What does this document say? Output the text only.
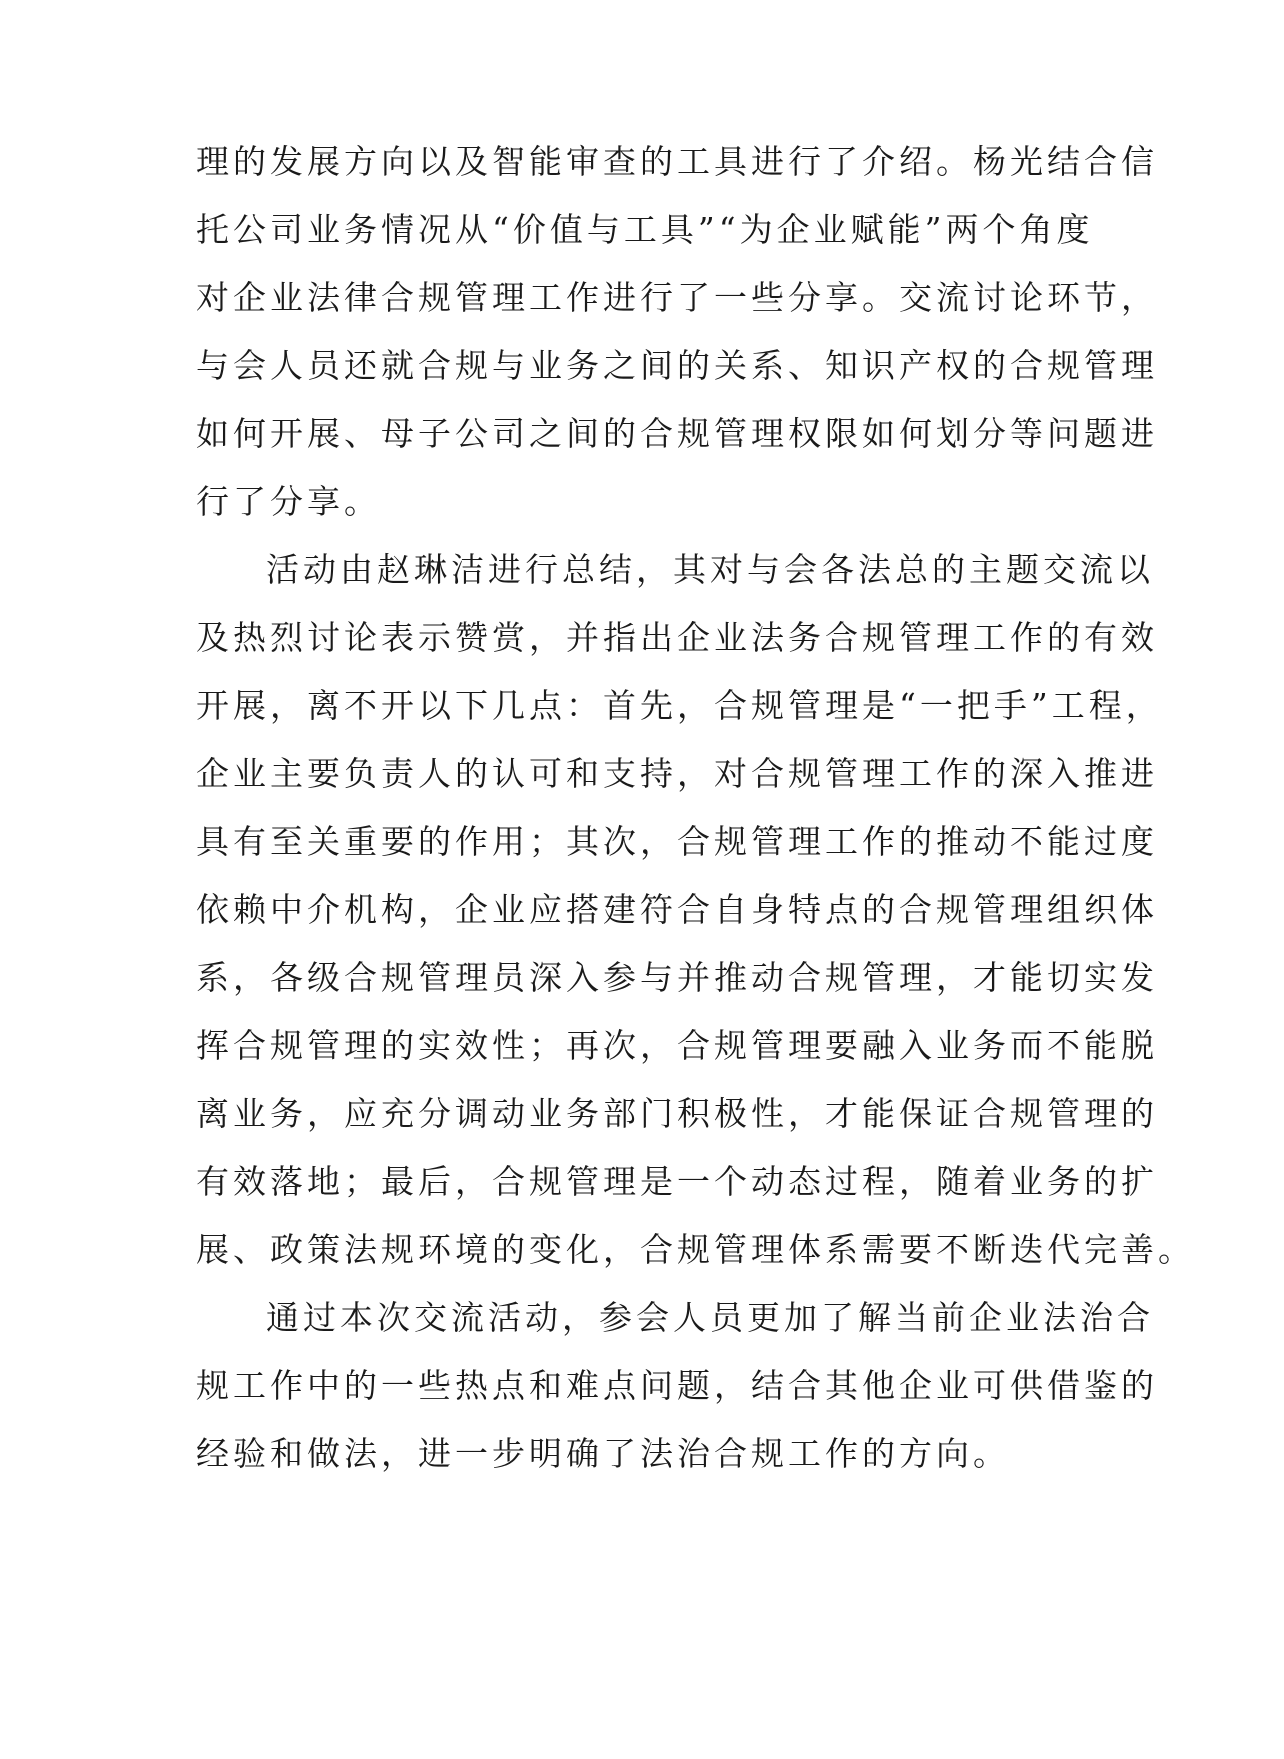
理的发展方向以及智能审查的工具进行了介绍。杨光结合信
托公司业务情况从“价值与工具”“为企业赋能”两个角度
对企业法律合规管理工作进行了一些分享。交流讨论环节，
与会人员还就合规与业务之间的关系、知识产权的合规管理
如何开展、母子公司之间的合规管理权限如何划分等问题进
行了分享。

活动由赵琳洁进行总结，其对与会各法总的主题交流以
及热烈讨论表示赞赏，并指出企业法务合规管理工作的有效
开展，离不开以下几点：首先，合规管理是“一把手”工程，
企业主要负责人的认可和支持，对合规管理工作的深入推进
具有至关重要的作用；其次，合规管理工作的推动不能过度
依赖中介机构，企业应搭建符合自身特点的合规管理组织体
系，各级合规管理员深入参与并推动合规管理，才能切实发
挥合规管理的实效性；再次，合规管理要融入业务而不能脱
离业务，应充分调动业务部门积极性，才能保证合规管理的
有效落地；最后，合规管理是一个动态过程，随着业务的扩
展、政策法规环境的变化，合规管理体系需要不断迭代完善。

通过本次交流活动，参会人员更加了解当前企业法治合
规工作中的一些热点和难点问题，结合其他企业可供借鉴的
经验和做法，进一步明确了法治合规工作的方向。
